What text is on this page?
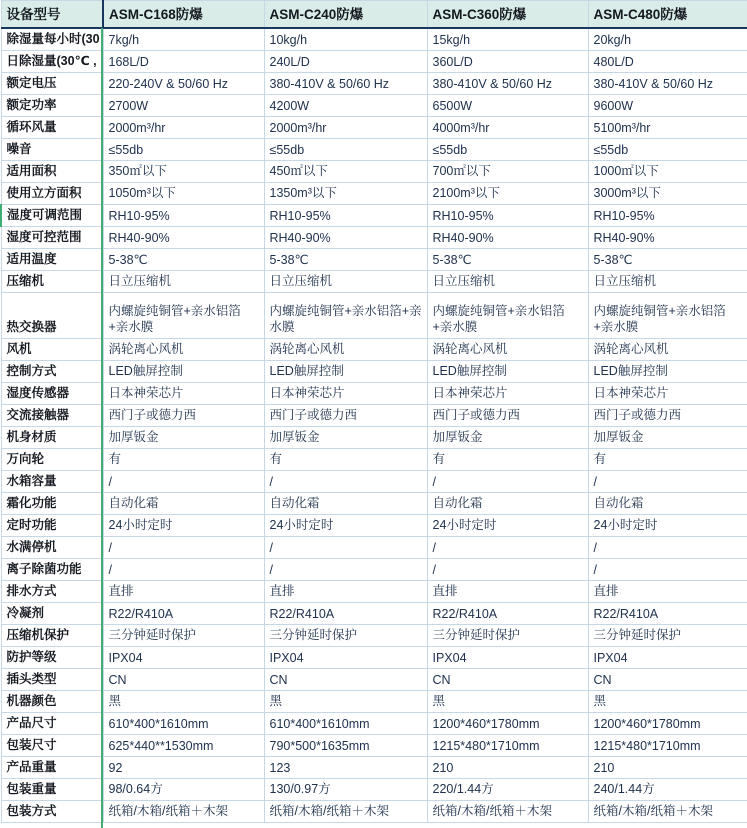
设备型号	ASM-C168防爆	ASM-C240防爆	ASM-C360防爆	ASM-C480防爆
除湿量每小时(30	7kg/h	10kg/h	15kg/h	20kg/h
日除湿量(30℃ ,	168L/D	240L/D	360L/D	480L/D
额定电压	220-240V & 50/60 Hz	380-410V & 50/60 Hz	380-410V & 50/60 Hz	380-410V & 50/60 Hz
额定功率	2700W	4200W	6500W	9600W
循环风量	2000m³/hr	2000m³/hr	4000m³/hr	5100m³/hr
噪音	≤55db	≤55db	≤55db	≤55db
适用面积	350㎡以下	450㎡以下	700㎡以下	1000㎡以下
使用立方面积	1050m³以下	1350m³以下	2100m³以下	3000m³以下
湿度可调范围	RH10-95%	RH10-95%	RH10-95%	RH10-95%
湿度可控范围	RH40-90%	RH40-90%	RH40-90%	RH40-90%
适用温度	5-38℃	5-38℃	5-38℃	5-38℃
压缩机	日立压缩机	日立压缩机	日立压缩机	日立压缩机
热交换器	内螺旋纯铜管+亲水铝箔+亲水膜	内螺旋纯铜管+亲水铝箔+亲水膜	内螺旋纯铜管+亲水铝箔+亲水膜	内螺旋纯铜管+亲水铝箔+亲水膜
风机	涡轮离心风机	涡轮离心风机	涡轮离心风机	涡轮离心风机
控制方式	LED触屏控制	LED触屏控制	LED触屏控制	LED触屏控制
湿度传感器	日本神荣芯片	日本神荣芯片	日本神荣芯片	日本神荣芯片
交流接触器	西门子或德力西	西门子或德力西	西门子或德力西	西门子或德力西
机身材质	加厚钣金	加厚钣金	加厚钣金	加厚钣金
万向轮	有	有	有	有
水箱容量	/	/	/	/
霜化功能	自动化霜	自动化霜	自动化霜	自动化霜
定时功能	24小时定时	24小时定时	24小时定时	24小时定时
水满停机	/	/	/	/
离子除菌功能	/	/	/	/
排水方式	直排	直排	直排	直排
冷凝剂	R22/R410A	R22/R410A	R22/R410A	R22/R410A
压缩机保护	三分钟延时保护	三分钟延时保护	三分钟延时保护	三分钟延时保护
防护等级	IPX04	IPX04	IPX04	IPX04
插头类型	CN	CN	CN	CN
机器颜色	黑	黑	黑	黑
产品尺寸	610*400*1610mm	610*400*1610mm	1200*460*1780mm	1200*460*1780mm
包装尺寸	625*440**1530mm	790*500*1635mm	1215*480*1710mm	1215*480*1710mm
产品重量	92	123	210	210
包装重量	98/0.64方	130/0.97方	220/1.44方	240/1.44方
包装方式	纸箱/木箱/纸箱＋木架	纸箱/木箱/纸箱＋木架	纸箱/木箱/纸箱＋木架	纸箱/木箱/纸箱＋木架
